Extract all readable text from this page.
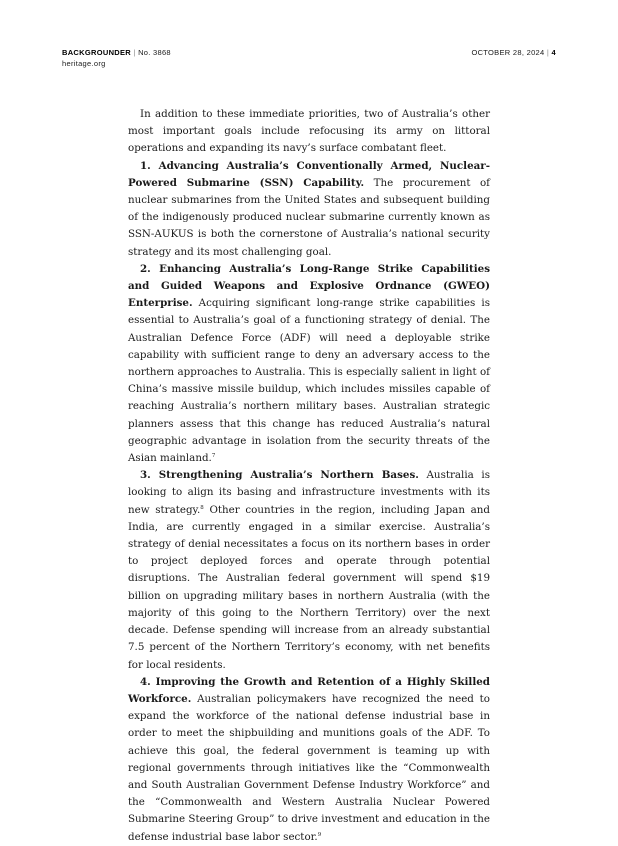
BACKGROUNDER | No. 3868	OCTOBER 28, 2024 | 4
heritage.org

In addition to these immediate priorities, two of Australia’s other most important goals include refocusing its army on littoral operations and expanding its navy’s surface combatant fleet.

1. Advancing Australia’s Conventionally Armed, Nuclear-Powered Submarine (SSN) Capability. The procurement of nuclear submarines from the United States and subsequent building of the indigenously produced nuclear submarine currently known as SSN-AUKUS is both the cornerstone of Australia’s national security strategy and its most challenging goal.

2. Enhancing Australia’s Long-Range Strike Capabilities and Guided Weapons and Explosive Ordnance (GWEO) Enterprise. Acquiring significant long-range strike capabilities is essential to Australia’s goal of a functioning strategy of denial. The Australian Defence Force (ADF) will need a deployable strike capability with sufficient range to deny an adversary access to the northern approaches to Australia. This is especially salient in light of China’s massive missile buildup, which includes missiles capable of reaching Australia’s northern military bases. Australian strategic planners assess that this change has reduced Australia’s natural geographic advantage in isolation from the security threats of the Asian mainland.$^7$

3. Strengthening Australia’s Northern Bases. Australia is looking to align its basing and infrastructure investments with its new strategy.$^8$ Other countries in the region, including Japan and India, are currently engaged in a similar exercise. Australia’s strategy of denial necessitates a focus on its northern bases in order to project deployed forces and operate through potential disruptions. The Australian federal government will spend $19 billion on upgrading military bases in northern Australia (with the majority of this going to the Northern Territory) over the next decade. Defense spending will increase from an already substantial 7.5 percent of the Northern Territory’s economy, with net benefits for local residents.

4. Improving the Growth and Retention of a Highly Skilled Workforce. Australian policymakers have recognized the need to expand the workforce of the national defense industrial base in order to meet the shipbuilding and munitions goals of the ADF. To achieve this goal, the federal government is teaming up with regional governments through initiatives like the “Commonwealth and South Australian Government Defense Industry Workforce” and the “Commonwealth and Western Australia Nuclear Powered Submarine Steering Group” to drive investment and education in the defense industrial base labor sector.$^9$
